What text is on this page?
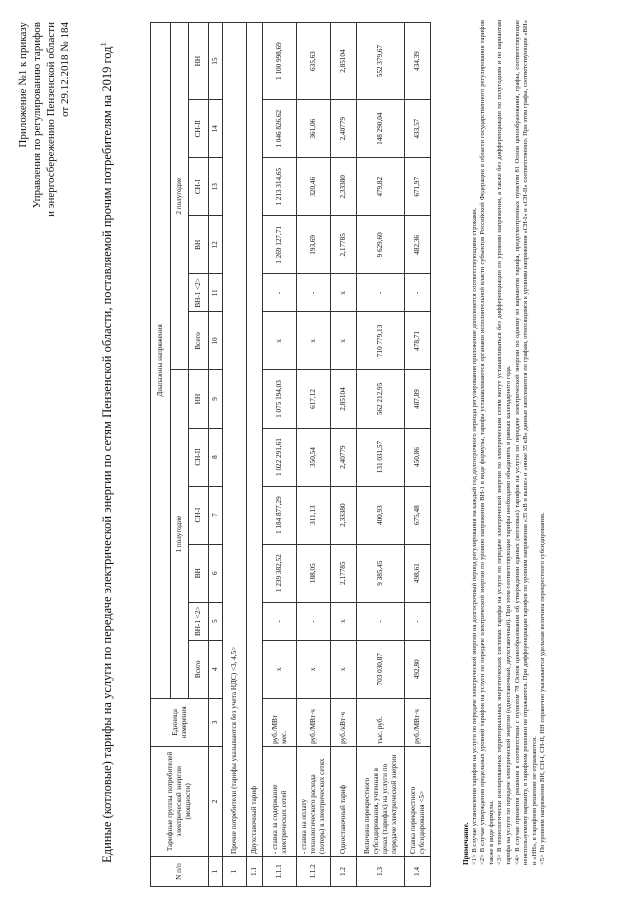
Приложение №1 к приказу Управления по регулированию тарифов и энергосбережению Пензенской области от 29.12.2018 № 184	Единые (котловые) тарифы на услуги по передаче электрической энергии по сетям Пензенской области, поставляемой прочим потребителям на 2019 год$^1$
N п/п	Тарифные группы потребителей электрической энергии (мощности)	Единица измерения	Диапазоны напряжения											
			1 полугодие						2 полугодие					
			Всего	ВН-1 <2>	ВН	СН-I	СН-II	НН	Всего	ВН-1 <2>	ВН	СН-I	СН-II	НН
1	2	3	4	5	6	7	8	9	10	11	12	13	14	15
1	Прочие потребители (тарифы указываются без учета НДС) <3, 4,5>													
1.1	Двухставочный тариф													
1.1.1	- ставка за содержание электрических сетей	руб./МВт мес.	х	-	1 239 382,52	1 184 877,29	1 022 291,61	1 075 194,03	х	-	1 269 127,71	1 213 314,65	1 046 826,62	1 100 998,69
1.1.2	- ставка на оплату технологического расхода (потерь) в электрических сетях	руб./МВт·ч	х	-	188,05	311,13	350,54	617,12	х	-	193,69	320,46	361,06	635,63
1.2	Одноставочный тариф	руб./кВт·ч	х	х	2,17785	2,33380	2,40779	2,85104	х	х	2,17785	2,33380	2,40779	2,85104
1.3	Величина перекрестного субсидирования, учтенная в ценах (тарифах) на услуги по передаче электрической энергии	тыс. руб.	703 030,87	-	9 385,45	400,93	131 031,57	562 212,95	710 779,13	-	9 629,60	479,82	148 290,04	552 379,67
1.4	Ставка перекрестного субсидирования <5>	руб./МВт·ч	492,80	-	498,61	675,48	450,86	487,89	478,71	-	482,36	671,97	433,57	434,39
Примечание. <1> В случае установления тарифов на услуги по передаче электрической энергии на долгосрочный период регулирования на каждый год долгосрочного периода регулирования приложение дополняется соответствующими строками. <2> В случае утверждения предельных уровней тарифов на услуги по передаче электрической энергии по уровню напряжения ВН-1 в виде формулы, тарифы устанавливаются органами исполнительной власти субъектов Российской Федерации в области государственного регулирования тарифов также в виде формулы. <3> В технологически изолированных территориальных энергетических системах тарифы на услуги по передаче электрической энергии по электрическим сетям могут устанавливаться без дифференциации по уровням напряжения, а также без дифференциации по полугодиям и по вариантам тарифа на услуги по передаче электрической энергии (одноставочный, двухставочный). При этом соответствующие тарифы необходимо объединить в рамках календарного года. <4> В случае принятия решения в соответствии с пунктом 78 Основ ценообразования об утверждении единых (котловых) тарифов на услуги по передаче электрической энергии по одному из вариантов тарифа, предусмотренных пунктом 81 Основ ценообразования, графы, соответствующие неиспользуемому варианту, в тарифном решении не отражаются. При дифференциации тарифов по уровням напряжения «35 кВ и выше» и «ниже 35 кВ» данные заполняются по графам, относящимся к уровням напряжения «СН-I» и «СН-II» соответственно. При этом графы, соответствующие «ВН» и «НН», в тарифном решении не отражаются. <5> По уровням напряжения ВН, СН-I, СН-II, НН справочно указывается удельная величина перекрестного субсидирования.
